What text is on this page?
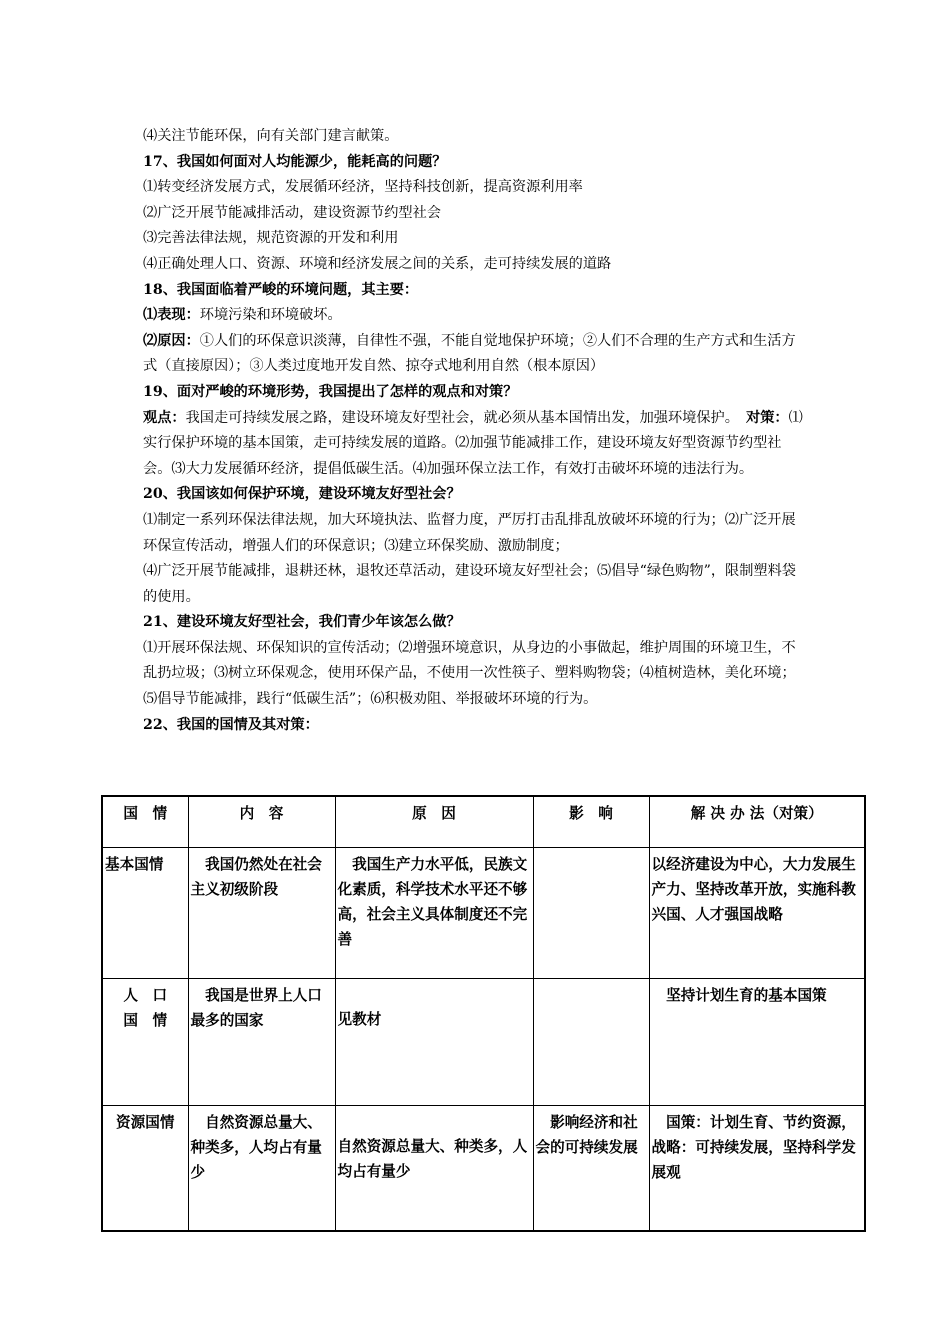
⑷关注节能环保，向有关部门建言献策。
17、我国如何面对人均能源少，能耗高的问题？
⑴转变经济发展方式，发展循环经济，坚持科技创新，提高资源利用率
⑵广泛开展节能减排活动，建设资源节约型社会
⑶完善法律法规，规范资源的开发和利用
⑷正确处理人口、资源、环境和经济发展之间的关系，走可持续发展的道路
18、我国面临着严峻的环境问题，其主要：
⑴表现：环境污染和环境破坏。
⑵原因：①人们的环保意识淡薄，自律性不强，不能自觉地保护环境；②人们不合理的生产方式和生活方式（直接原因）；③人类过度地开发自然、掠夺式地利用自然（根本原因）
19、面对严峻的环境形势，我国提出了怎样的观点和对策？
观点：我国走可持续发展之路，建设环境友好型社会，就必须从基本国情出发，加强环境保护。　 对策：⑴实行保护环境的基本国策，走可持续发展的道路。⑵加强节能减排工作，建设环境友好型资源节约型社会。⑶大力发展循环经济，提倡低碳生活。⑷加强环保立法工作，有效打击破坏环境的违法行为。
20、我国该如何保护环境，建设环境友好型社会？
⑴制定一系列环保法律法规，加大环境执法、监督力度，严厉打击乱排乱放破坏环境的行为；⑵广泛开展环保宣传活动，增强人们的环保意识；⑶建立环保奖励、激励制度；
⑷广泛开展节能减排，退耕还林，退牧还草活动，建设环境友好型社会；⑸倡导“绿色购物”，限制塑料袋的使用。
21、建设环境友好型社会，我们青少年该怎么做？
⑴开展环保法规、环保知识的宣传活动；⑵增强环境意识，从身边的小事做起，维护周围的环境卫生，不乱扔垃圾；⑶树立环保观念，使用环保产品，不使用一次性筷子、塑料购物袋；⑷植树造林，美化环境；⑸倡导节能减排，践行“低碳生活”；⑹积极劝阻、举报破坏环境的行为。
22、我国的国情及其对策：
国　情	内　容	原　因	影　响	解 决 办 法（对策）
基本国情	　我国仍然处在社会主义初级阶段	　我国生产力水平低，民族文化素质，科学技术水平还不够高，社会主义具体制度还不完善		以经济建设为中心，大力发展生产力、坚持改革开放，实施科教兴国、人才强国战略
人　口
国　情	　我国是世界上人口最多的国家	见教材		　坚持计划生育的基本国策
资源国情	　自然资源总量大、种类多，人均占有量少	自然资源总量大、种类多，人均占有量少	　影响经济和社会的可持续发展	　国策：计划生育、节约资源，战略：可持续发展，坚持科学发展观
